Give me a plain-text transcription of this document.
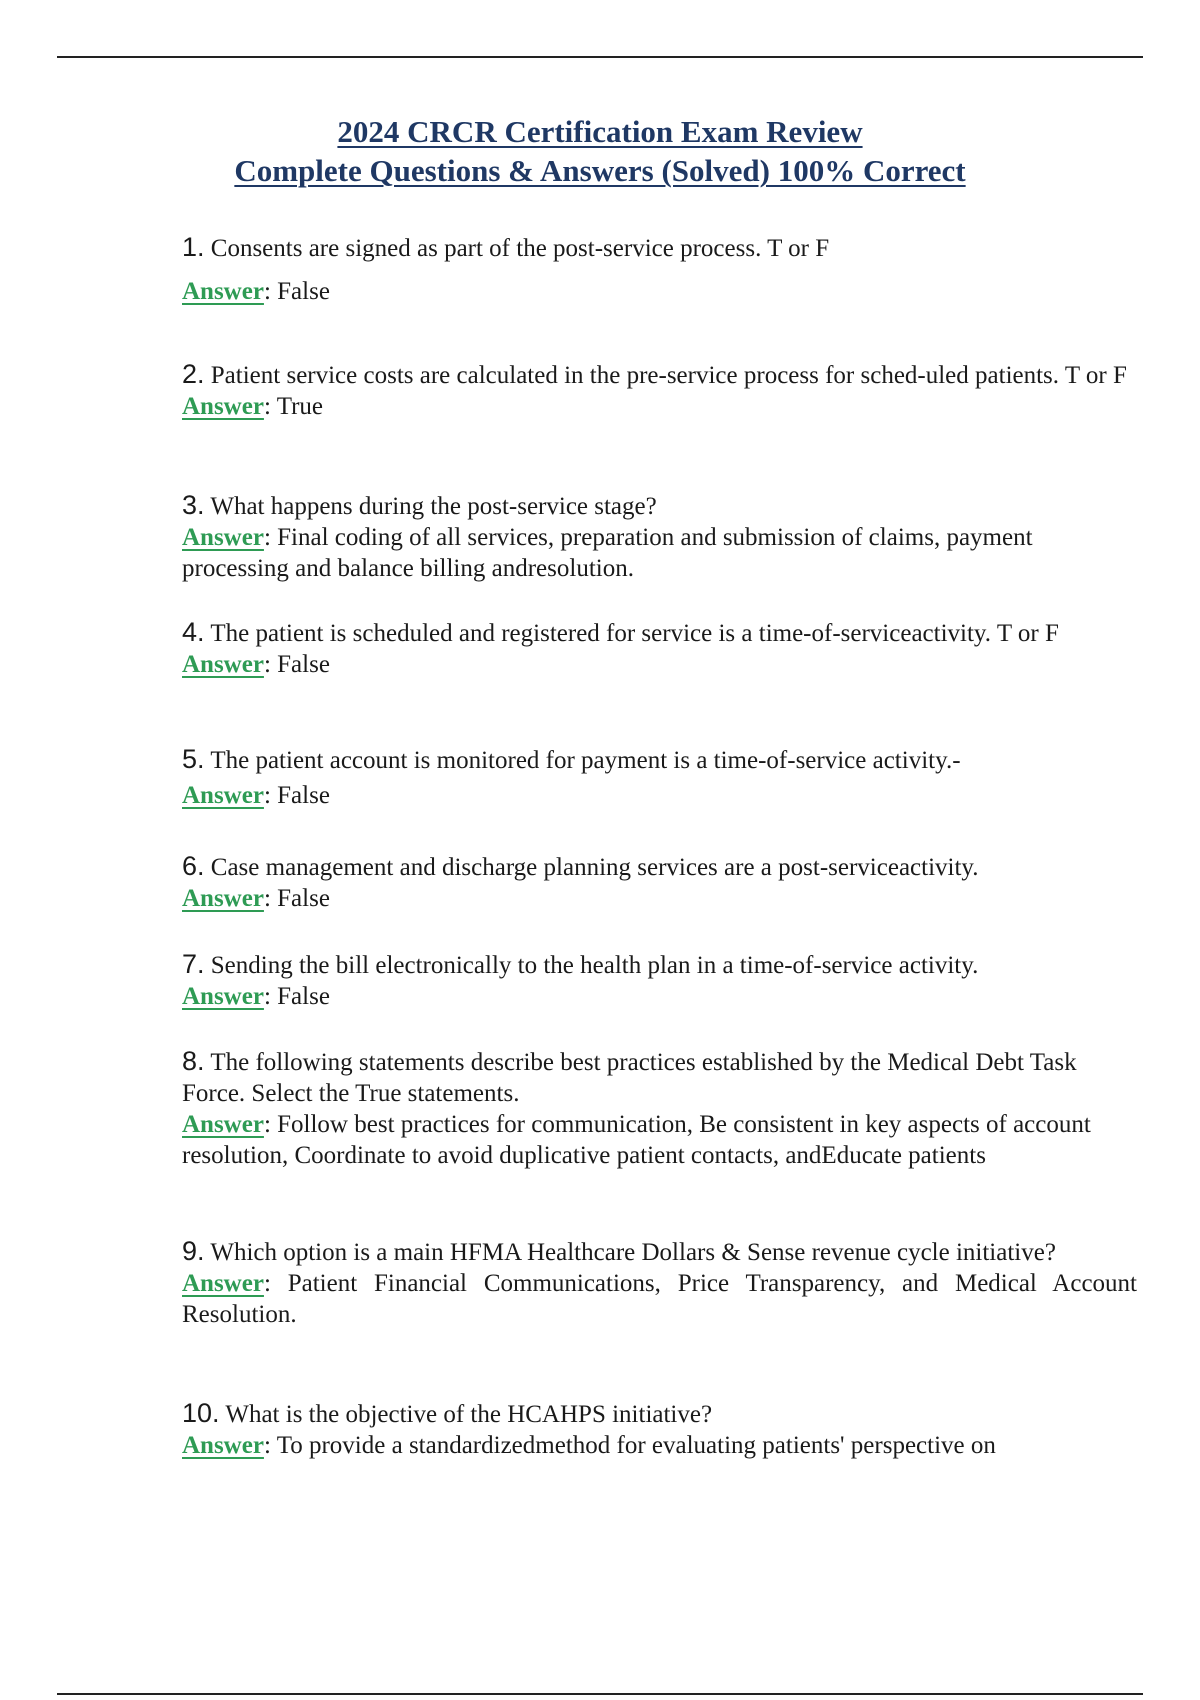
2024 CRCR Certification Exam Review
Complete Questions & Answers (Solved) 100% Correct
1. Consents are signed as part of the post-service process. T or F
Answer: False
2. Patient service costs are calculated in the pre-service process for sched-uled patients. T or F
Answer: True
3. What happens during the post-service stage?
Answer: Final coding of all services, preparation and submission of claims, payment processing and balance billing andresolution.
4. The patient is scheduled and registered for service is a time-of-serviceactivity. T or F
Answer: False
5. The patient account is monitored for payment is a time-of-service activity.-
Answer: False
6. Case management and discharge planning services are a post-serviceactivity.
Answer: False
7. Sending the bill electronically to the health plan in a time-of-service activity.
Answer: False
8. The following statements describe best practices established by the Medical Debt Task Force. Select the True statements.
Answer: Follow best practices for communication, Be consistent in key aspects of account resolution, Coordinate to avoid duplicative patient contacts, andEducate patients
9. Which option is a main HFMA Healthcare Dollars & Sense revenue cycle initiative?
Answer: Patient Financial Communications, Price Transparency, and Medical Account Resolution.
10. What is the objective of the HCAHPS initiative?
Answer: To provide a standardizedmethod for evaluating patients' perspective on
